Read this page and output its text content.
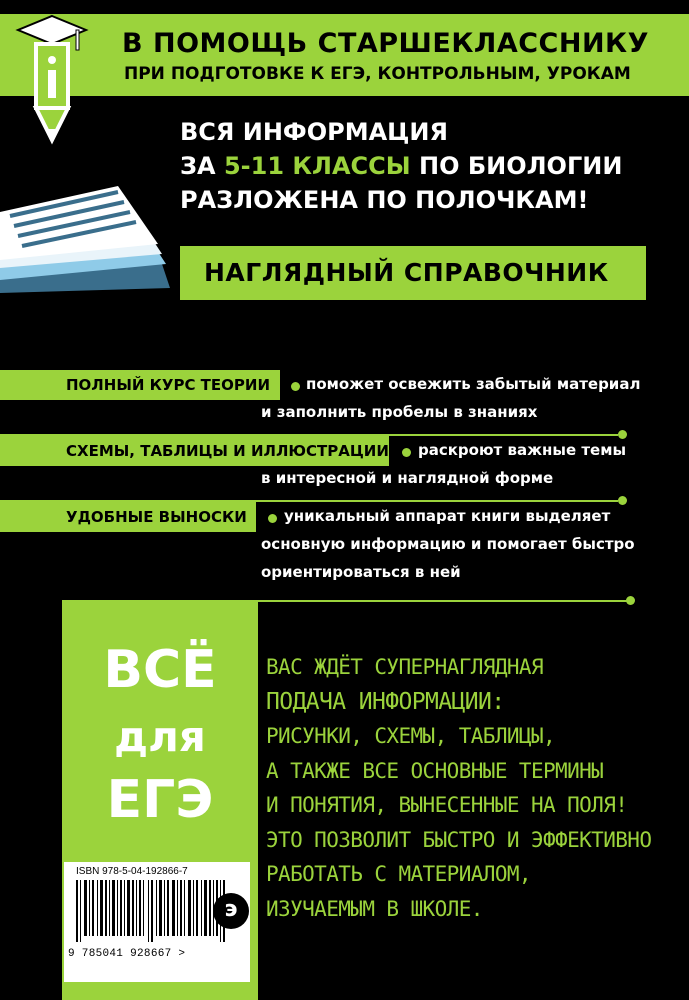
В ПОМОЩЬ СТАРШЕКЛАССНИКУ
ПРИ ПОДГОТОВКЕ К ЕГЭ, КОНТРОЛЬНЫМ, УРОКАМ
ВСЯ ИНФОРМАЦИЯ
ЗА 5-11 КЛАССЫ ПО БИОЛОГИИ
РАЗЛОЖЕНА ПО ПОЛОЧКАМ!
НАГЛЯДНЫЙ СПРАВОЧНИК
ПОЛНЫЙ КУРС ТЕОРИИ поможет освежить забытый материал
и заполнить пробелы в знаниях
СХЕМЫ, ТАБЛИЦЫ И ИЛЛЮСТРАЦИИ раскроют важные темы
в интересной и наглядной форме
УДОБНЫЕ ВЫНОСКИ уникальный аппарат книги выделяет
основную информацию и помогает быстро
ориентироваться в ней
ВСЁ
для
ЕГЭ
ISBN 978-5-04-192866-7
9 785041 928667 >
э
ВАС ЖДЁТ СУПЕРНАГЛЯДНАЯ
ПОДАЧА ИНФОРМАЦИИ:
РИСУНКИ, СХЕМЫ, ТАБЛИЦЫ,
А ТАКЖЕ ВСЕ ОСНОВНЫЕ ТЕРМИНЫ
И ПОНЯТИЯ, ВЫНЕСЕННЫЕ НА ПОЛЯ!
ЭТО ПОЗВОЛИТ БЫСТРО И ЭФФЕКТИВНО
РАБОТАТЬ С МАТЕРИАЛОМ,
ИЗУЧАЕМЫМ В ШКОЛЕ.
